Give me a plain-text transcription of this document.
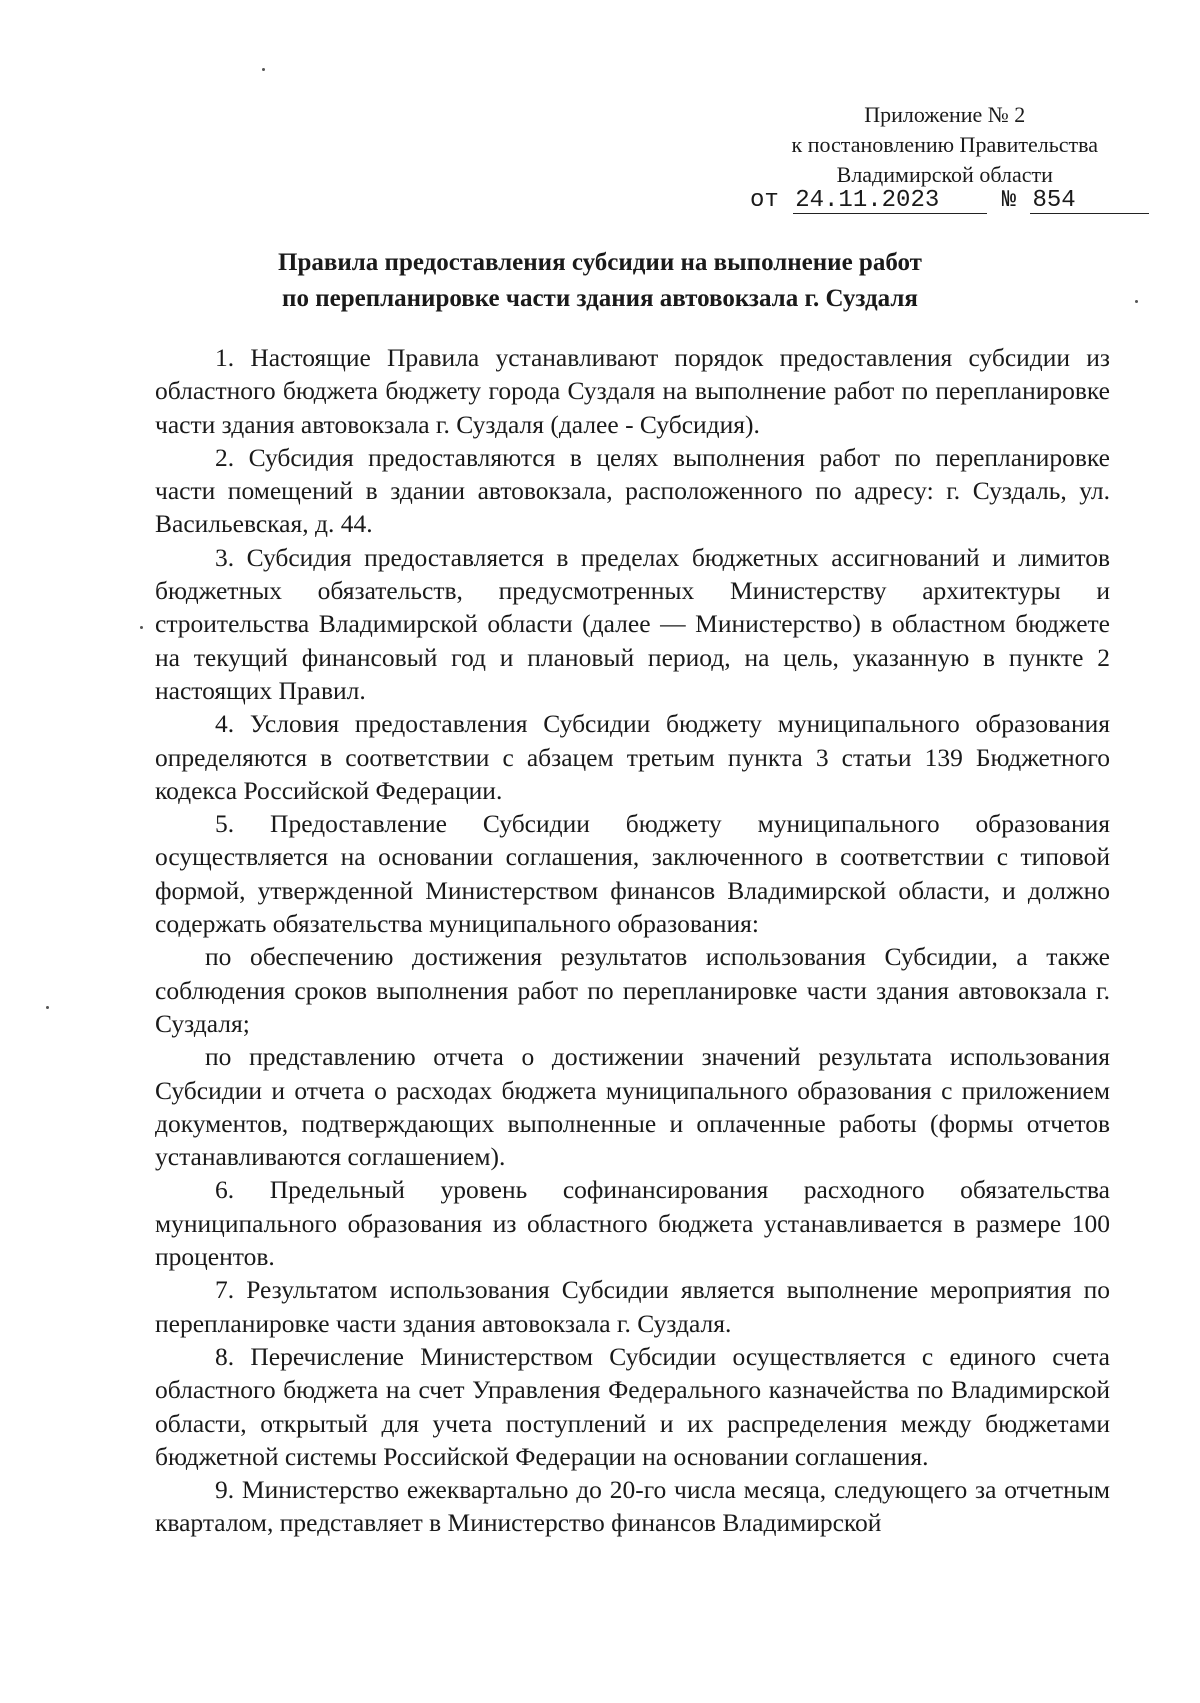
Приложение № 2
к постановлению Правительства
Владимирской области
от 24.11.2023	№ 854
Правила предоставления субсидии на выполнение работ
по перепланировке части здания автовокзала г. Суздаля

1. Настоящие Правила устанавливают порядок предоставления субсидии из областного бюджета бюджету города Суздаля на выполнение работ по перепланировке части здания автовокзала г. Суздаля (далее - Субсидия).

2. Субсидия предоставляются в целях выполнения работ по перепланировке части помещений в здании автовокзала, расположенного по адресу: г. Суздаль, ул. Васильевская, д. 44.

3. Субсидия предоставляется в пределах бюджетных ассигнований и лимитов бюджетных обязательств, предусмотренных Министерству архитектуры и строительства Владимирской области (далее — Министерство) в областном бюджете на текущий финансовый год и плановый период, на цель, указанную в пункте 2 настоящих Правил.

4. Условия предоставления Субсидии бюджету муниципального образования определяются в соответствии с абзацем третьим пункта 3 статьи 139 Бюджетного кодекса Российской Федерации.

5. Предоставление Субсидии бюджету муниципального образования осуществляется на основании соглашения, заключенного в соответствии с типовой формой, утвержденной Министерством финансов Владимирской области, и должно содержать обязательства муниципального образования:

по обеспечению достижения результатов использования Субсидии, а также соблюдения сроков выполнения работ по перепланировке части здания автовокзала г. Суздаля;

по представлению отчета о достижении значений результата использования Субсидии и отчета о расходах бюджета муниципального образования с приложением документов, подтверждающих выполненные и оплаченные работы (формы отчетов устанавливаются соглашением).

6. Предельный уровень софинансирования расходного обязательства муниципального образования из областного бюджета устанавливается в размере 100 процентов.

7. Результатом использования Субсидии является выполнение мероприятия по перепланировке части здания автовокзала г. Суздаля.

8. Перечисление Министерством Субсидии осуществляется с единого счета областного бюджета на счет Управления Федерального казначейства по Владимирской области, открытый для учета поступлений и их распределения между бюджетами бюджетной системы Российской Федерации на основании соглашения.

9. Министерство ежеквартально до 20-го числа месяца, следующего за отчетным кварталом, представляет в Министерство финансов Владимирской
